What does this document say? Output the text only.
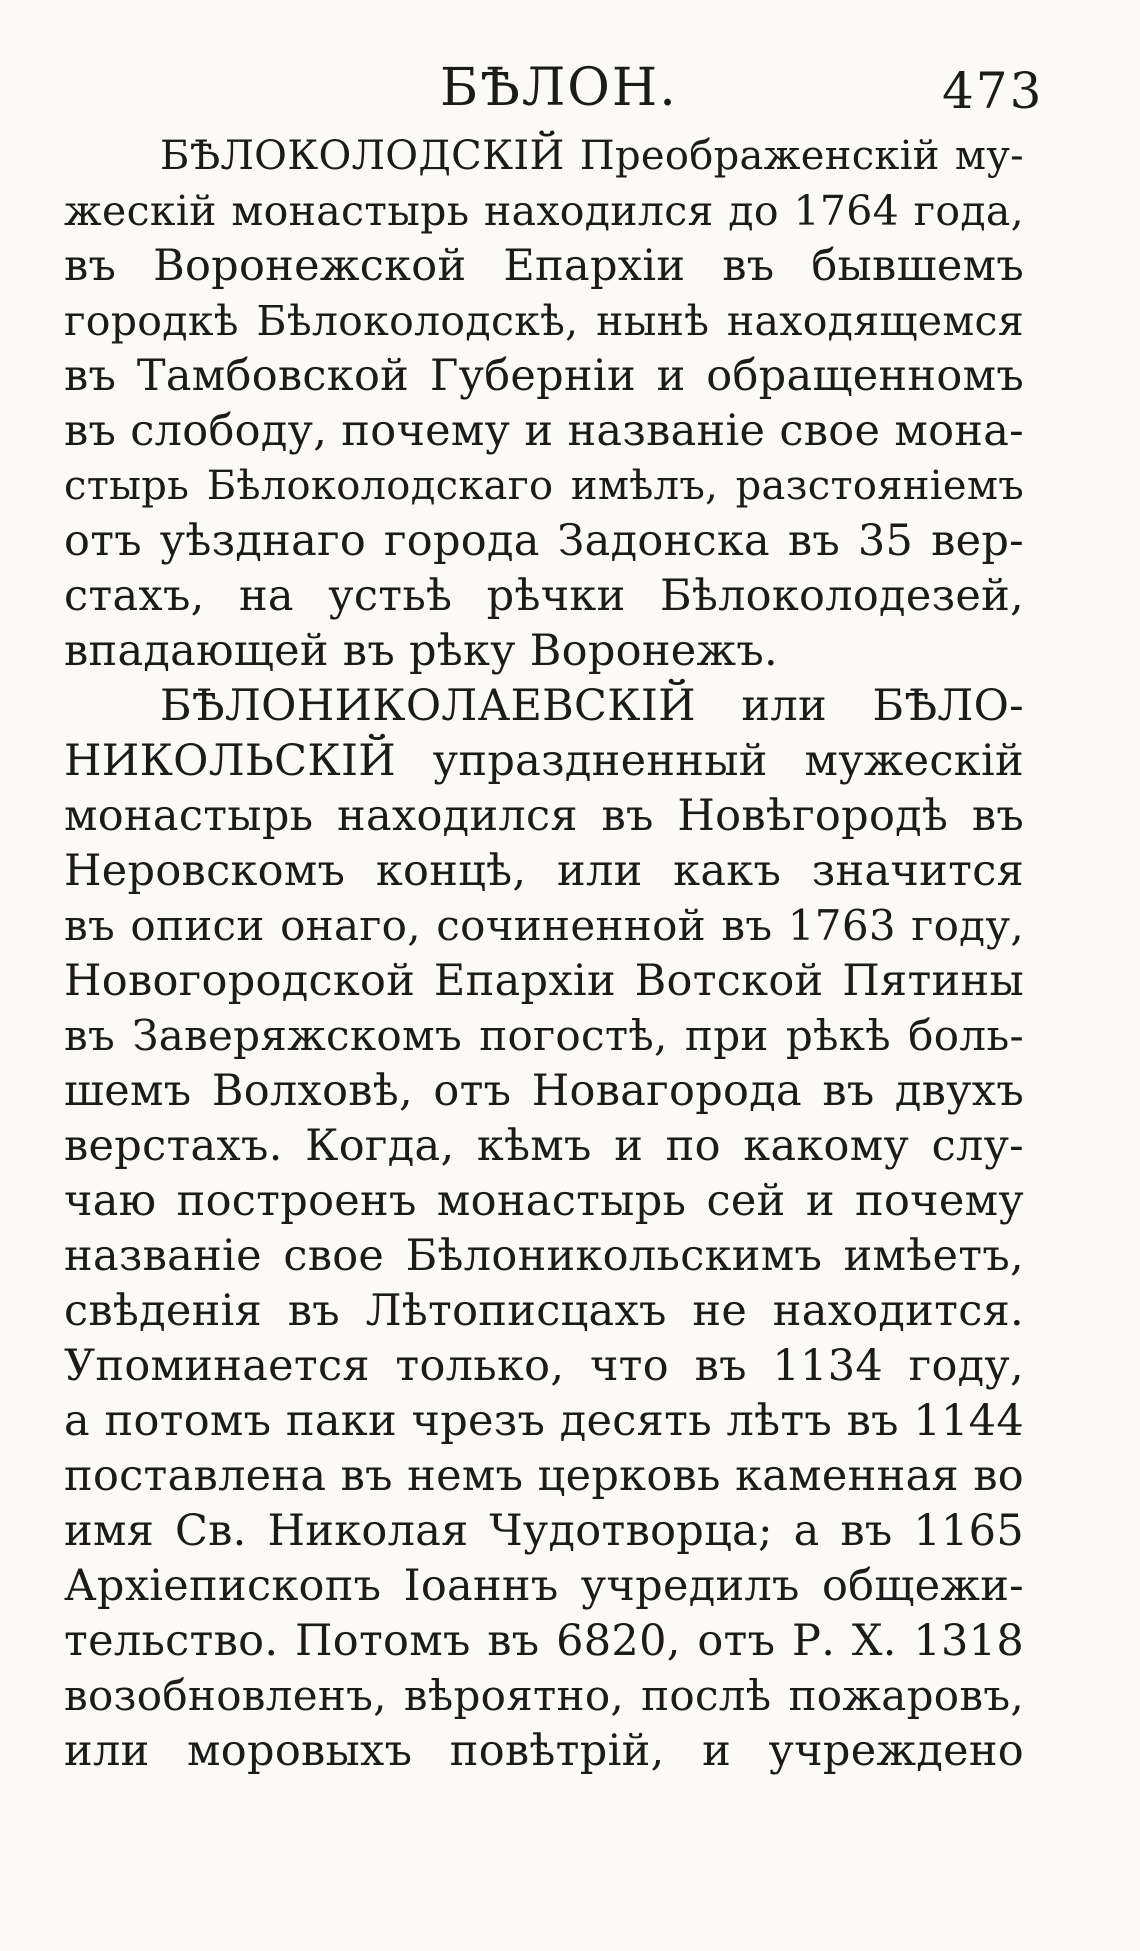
БѢЛОН.	473
БѢЛОКОЛОДСКІЙ Преображенскій му-
жескій монастырь находился до 1764 года,
въ Воронежской Епархіи въ бывшемъ
городкѣ Бѣлоколодскѣ, нынѣ находящемся
въ Тамбовской Губерніи и обращенномъ
въ слободу, почему и названіе свое мона-
стырь Бѣлоколодскаго имѣлъ, разстояніемъ
отъ уѣзднаго города Задонска въ 35 вер-
стахъ, на устьѣ рѣчки Бѣлоколодезей,
впадающей въ рѣку Воронежъ.
БѢЛОНИКОЛАЕВСКІЙ или БѢЛО-
НИКОЛЬСКІЙ упраздненный мужескій
монастырь находился въ Новѣгородѣ въ
Неровскомъ концѣ, или какъ значится
въ описи онаго, сочиненной въ 1763 году,
Новогородской Епархіи Вотской Пятины
въ Заверяжскомъ погостѣ, при рѣкѣ боль-
шемъ Волховѣ, отъ Новагорода въ двухъ
верстахъ. Когда, кѣмъ и по какому слу-
чаю построенъ монастырь сей и почему
названіе свое Бѣлоникольскимъ имѣетъ,
свѣденія въ Лѣтописцахъ не находится.
Упоминается только, что въ 1134 году,
а потомъ паки чрезъ десять лѣтъ въ 1144
поставлена въ немъ церковь каменная во
имя Св. Николая Чудотворца; а въ 1165
Архіепископъ Іоаннъ учредилъ общежи-
тельство. Потомъ въ 6820, отъ Р. Х. 1318
возобновленъ, вѣроятно, послѣ пожаровъ,
или моровыхъ повѣтрій, и учреждено
